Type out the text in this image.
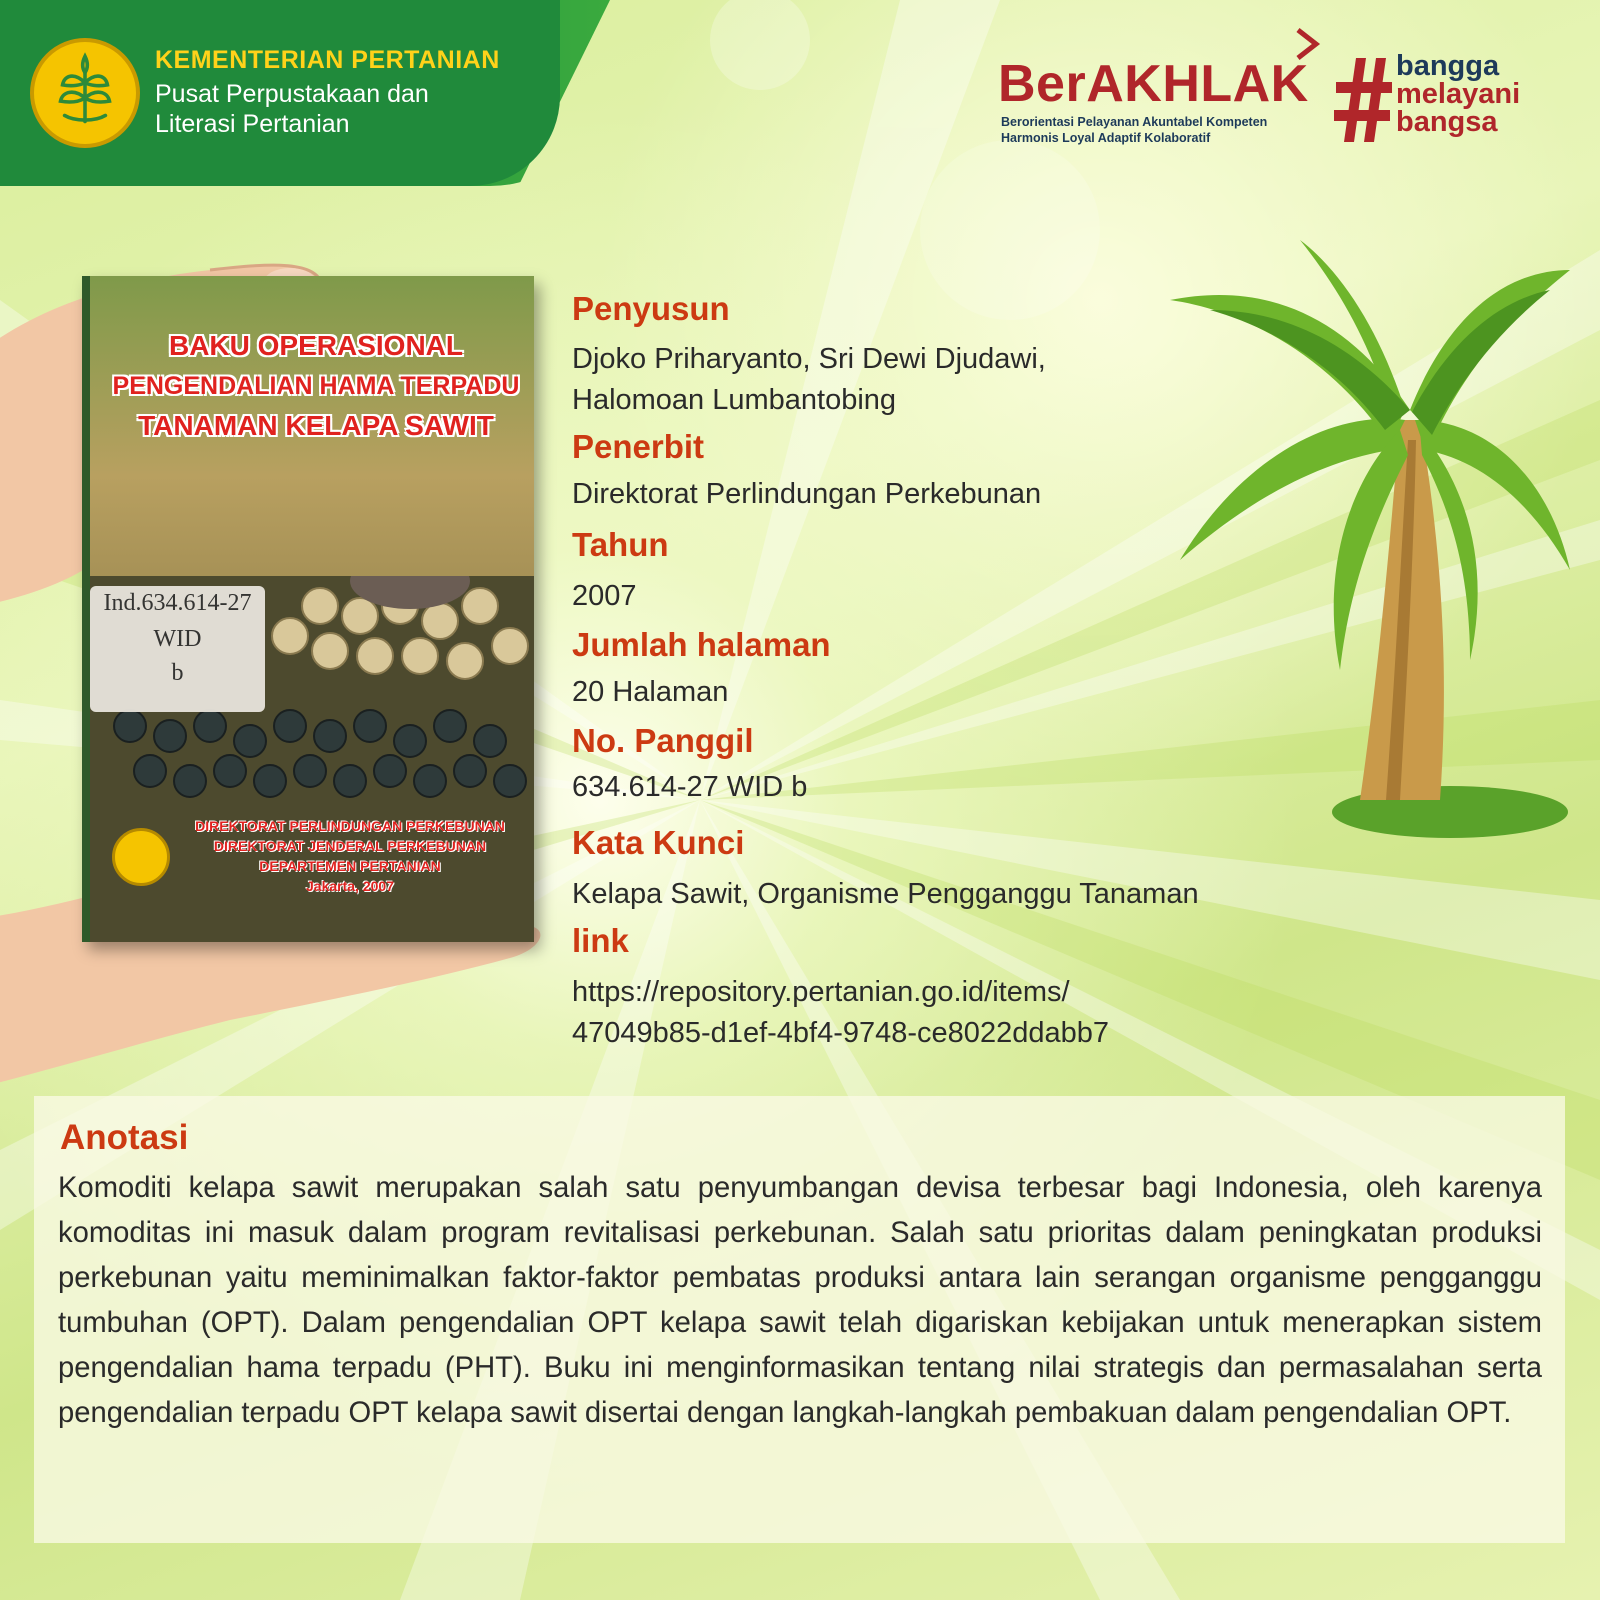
KEMENTERIAN PERTANIAN
Pusat Perpustakaan dan
Literasi Pertanian
BerAKHLAK
Berorientasi Pelayanan Akuntabel Kompeten
Harmonis Loyal Adaptif Kolaboratif
bangga
melayani
bangsa
BAKU OPERASIONAL
PENGENDALIAN HAMA TERPADU
TANAMAN KELAPA SAWIT
Ind.634.614-27
WID
b
DIREKTORAT PERLINDUNGAN PERKEBUNAN
DIREKTORAT JENDERAL PERKEBUNAN
DEPARTEMEN PERTANIAN
Jakarta, 2007
Penyusun
Djoko Priharyanto, Sri Dewi Djudawi,
Halomoan Lumbantobing
Penerbit
Direktorat Perlindungan Perkebunan
Tahun
2007
Jumlah halaman
20 Halaman
No. Panggil
634.614-27 WID b
Kata Kunci
Kelapa Sawit, Organisme Pengganggu Tanaman
link
https://repository.pertanian.go.id/items/
47049b85-d1ef-4bf4-9748-ce8022ddabb7
Anotasi
Komoditi kelapa sawit merupakan salah satu penyumbangan devisa terbesar bagi Indonesia, oleh karenya komoditas ini masuk dalam program revitalisasi perkebunan. Salah satu prioritas dalam peningkatan produksi perkebunan yaitu meminimalkan faktor-faktor pembatas produksi antara lain serangan organisme pengganggu tumbuhan (OPT). Dalam pengendalian OPT kelapa sawit telah digariskan kebijakan untuk menerapkan sistem pengendalian hama terpadu (PHT). Buku ini menginformasikan tentang nilai strategis dan permasalahan serta pengendalian terpadu OPT kelapa sawit disertai dengan langkah-langkah pembakuan dalam pengendalian OPT.
